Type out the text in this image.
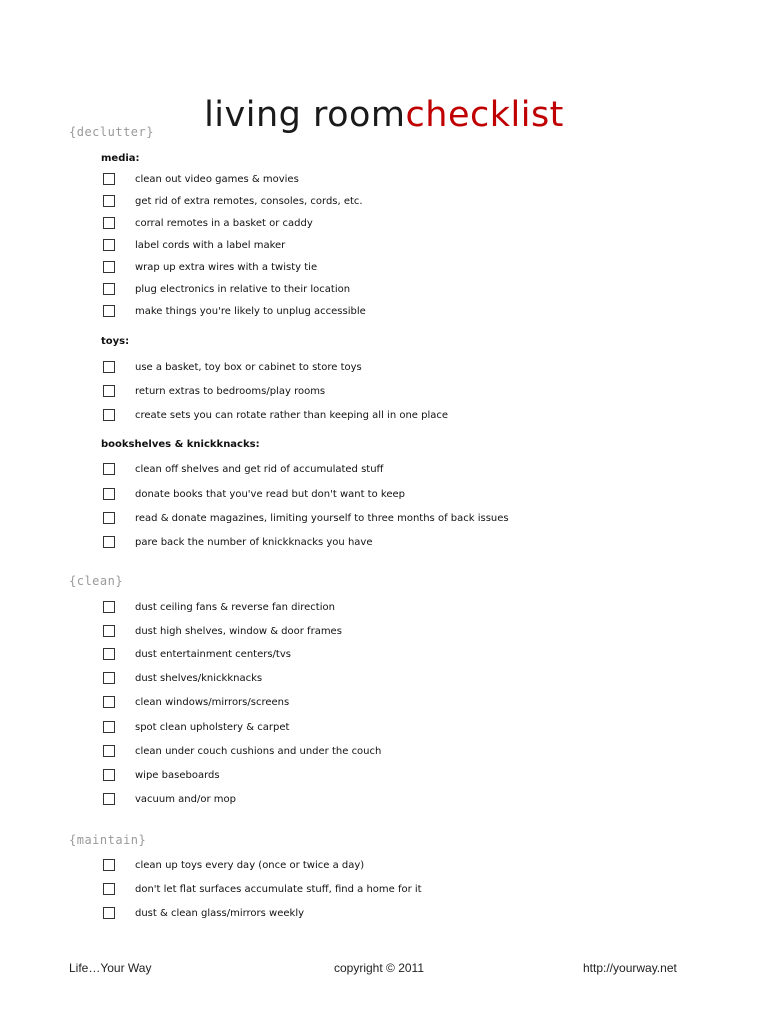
living roomchecklist
{declutter}
media:
clean out video games & movies
get rid of extra remotes, consoles, cords, etc.
corral remotes in a basket or caddy
label cords with a label maker
wrap up extra wires with a twisty tie
plug electronics in relative to their location
make things you're likely to unplug accessible
toys:
use a basket, toy box or cabinet to store toys
return extras to bedrooms/play rooms
create sets you can rotate rather than keeping all in one place
bookshelves & knickknacks:
clean off shelves and get rid of accumulated stuff
donate books that you've read but don't want to keep
read & donate magazines, limiting yourself to three months of back issues
pare back the number of knickknacks you have
{clean}
dust ceiling fans & reverse fan direction
dust high shelves, window & door frames
dust entertainment centers/tvs
dust shelves/knickknacks
clean windows/mirrors/screens
spot clean upholstery & carpet
clean under couch cushions and under the couch
wipe baseboards
vacuum and/or mop
{maintain}
clean up toys every day (once or twice a day)
don't let flat surfaces accumulate stuff, find a home for it
dust & clean glass/mirrors weekly
Life…Your Way	copyright © 2011	http://yourway.net
